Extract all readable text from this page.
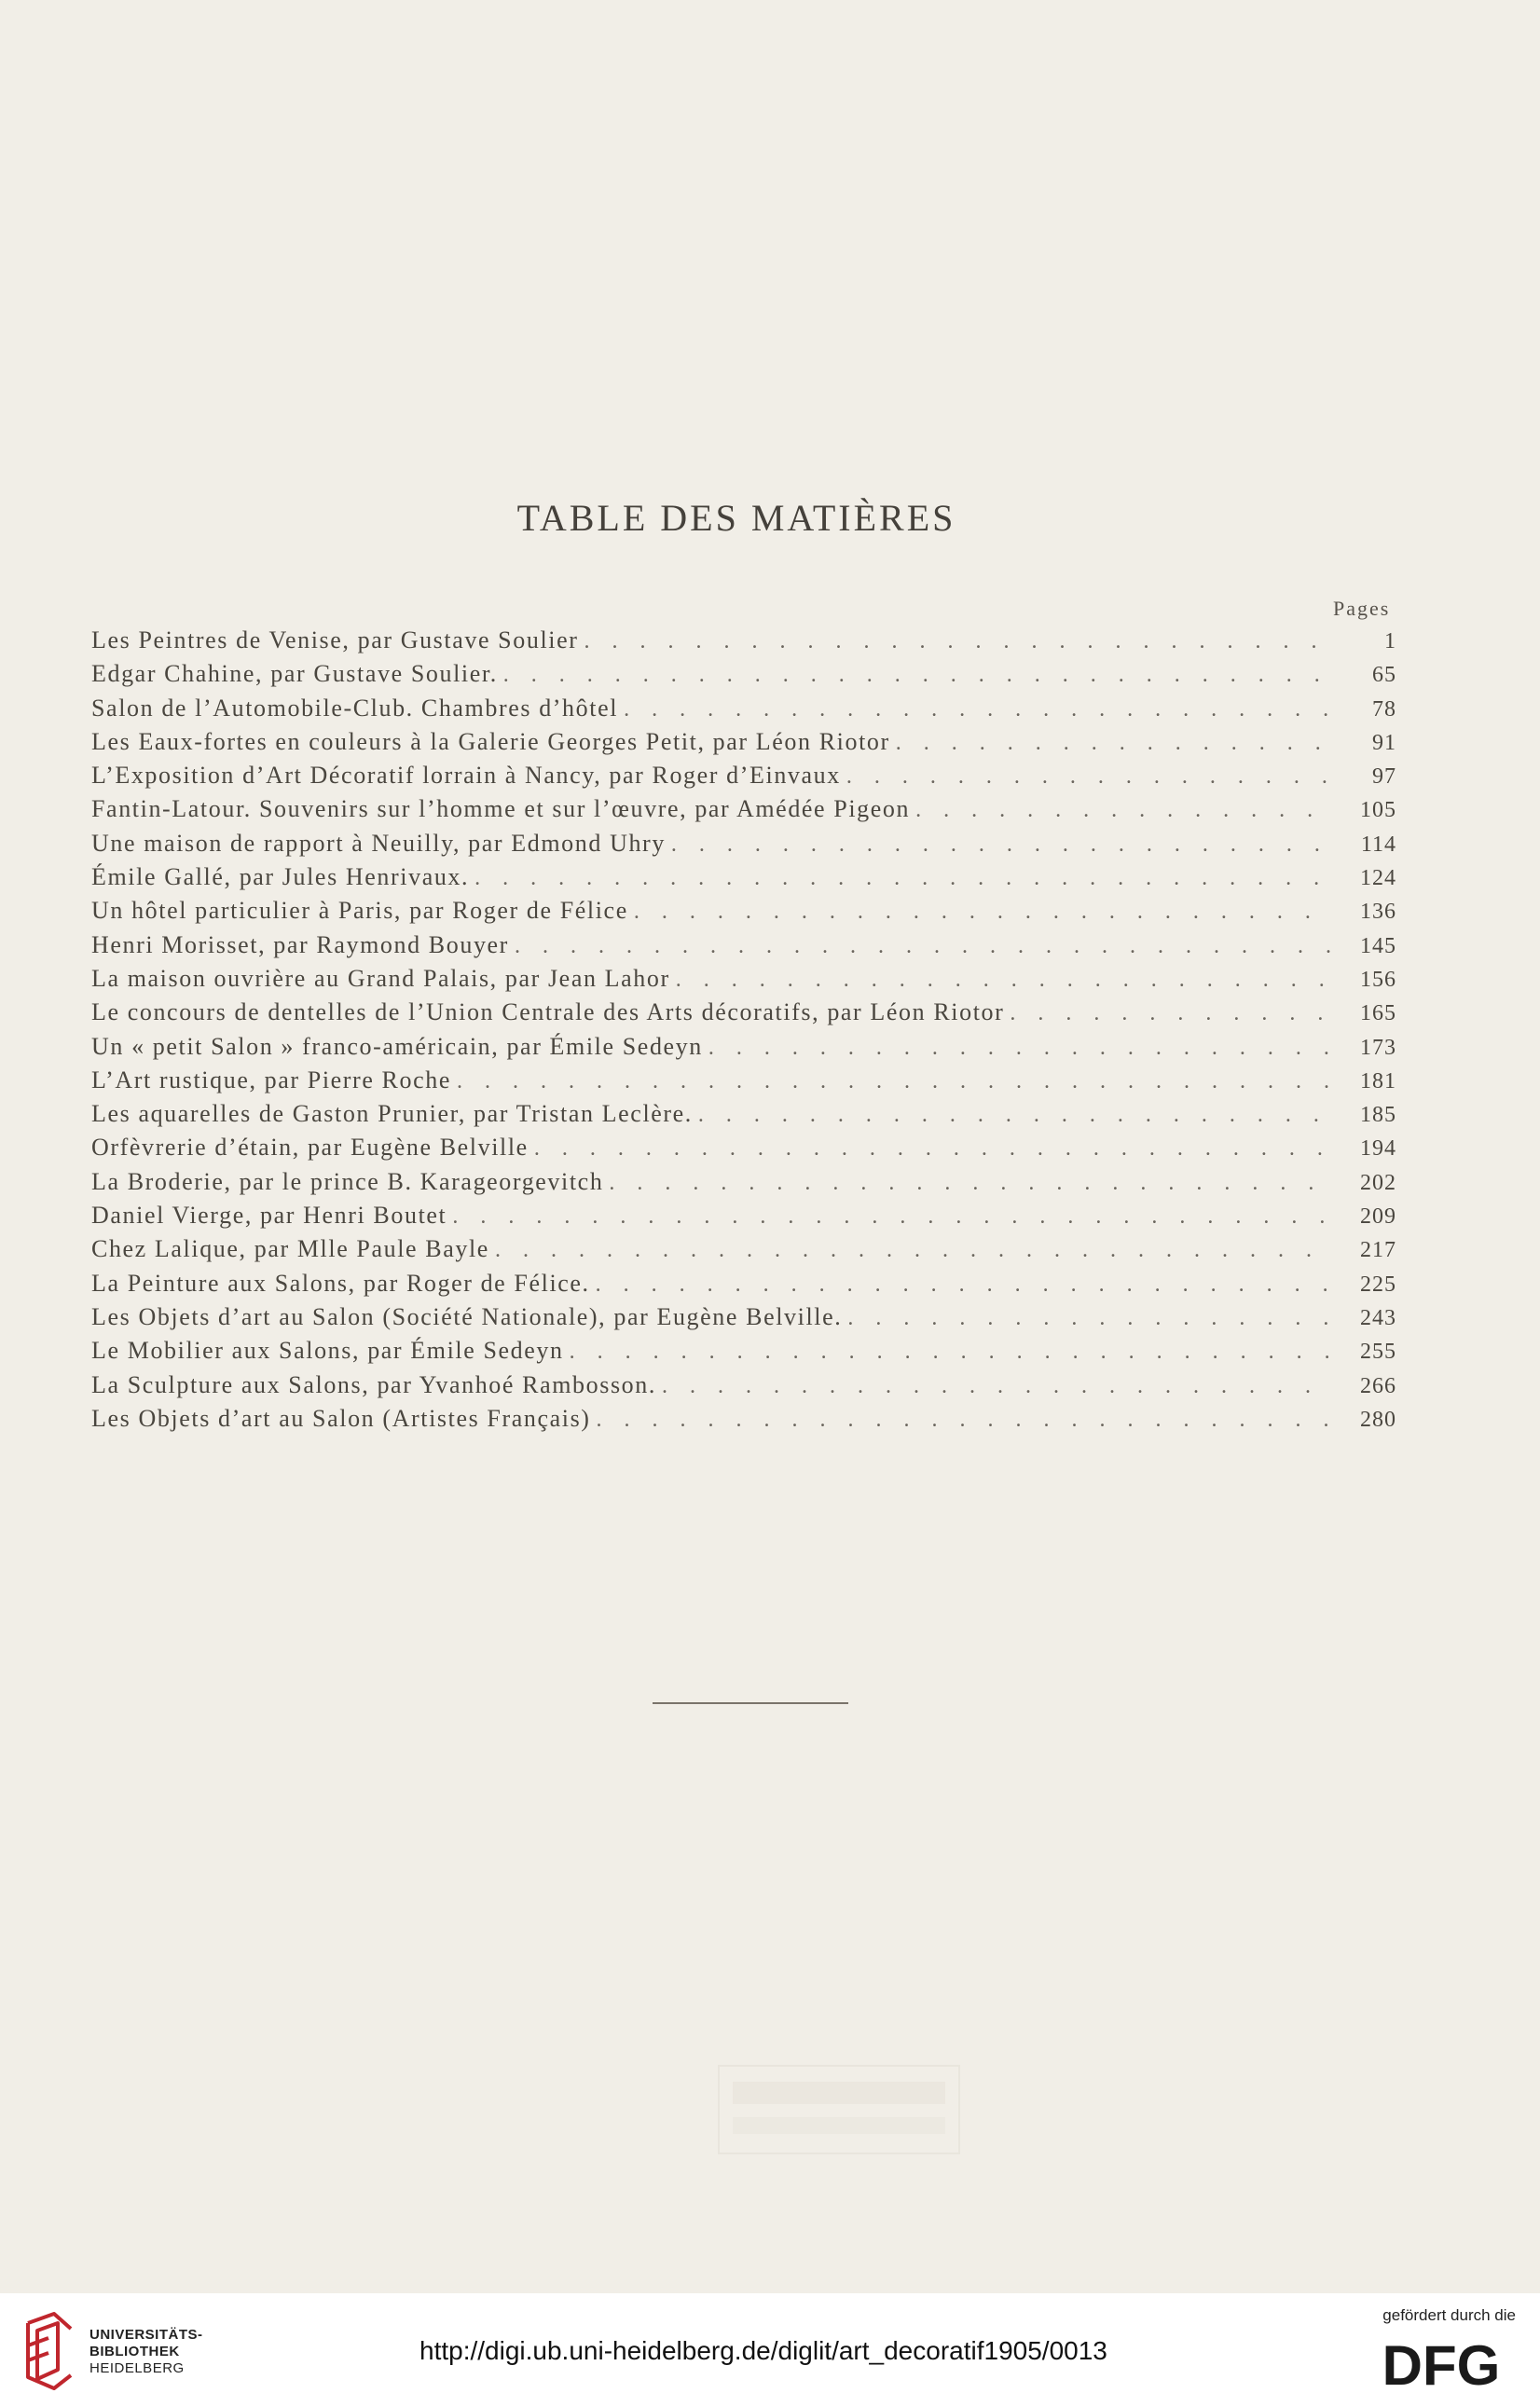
TABLE DES MATIÈRES
Pages
Les Peintres de Venise, par Gustave Soulier . . .	1
Edgar Chahine, par Gustave Soulier. . . .	65
Salon de l’Automobile-Club. Chambres d’hôtel . . .	78
Les Eaux-fortes en couleurs à la Galerie Georges Petit, par Léon Riotor . . .	91
L’Exposition d’Art Décoratif lorrain à Nancy, par Roger d’Einvaux . . .	97
Fantin-Latour. Souvenirs sur l’homme et sur l’œuvre, par Amédée Pigeon . . .	105
Une maison de rapport à Neuilly, par Edmond Uhry . . .	114
Émile Gallé, par Jules Henrivaux. . . .	124
Un hôtel particulier à Paris, par Roger de Félice . . .	136
Henri Morisset, par Raymond Bouyer . . .	145
La maison ouvrière au Grand Palais, par Jean Lahor . . .	156
Le concours de dentelles de l’Union Centrale des Arts décoratifs, par Léon Riotor . . .	165
Un « petit Salon » franco-américain, par Émile Sedeyn . . .	173
L’Art rustique, par Pierre Roche . . .	181
Les aquarelles de Gaston Prunier, par Tristan Leclère. . . .	185
Orfèvrerie d’étain, par Eugène Belville . . .	194
La Broderie, par le prince B. Karageorgevitch . . .	202
Daniel Vierge, par Henri Boutet . . .	209
Chez Lalique, par Mlle Paule Bayle . . .	217
La Peinture aux Salons, par Roger de Félice. . . .	225
Les Objets d’art au Salon (Société Nationale), par Eugène Belville. . . .	243
Le Mobilier aux Salons, par Émile Sedeyn . . .	255
La Sculpture aux Salons, par Yvanhoé Rambosson. . . .	266
Les Objets d’art au Salon (Artistes Français) . . .	280
UNIVERSITÄTS-
BIBLIOTHEK
HEIDELBERG
http://digi.ub.uni-heidelberg.de/diglit/art_decoratif1905/0013
gefördert durch die
DFG
